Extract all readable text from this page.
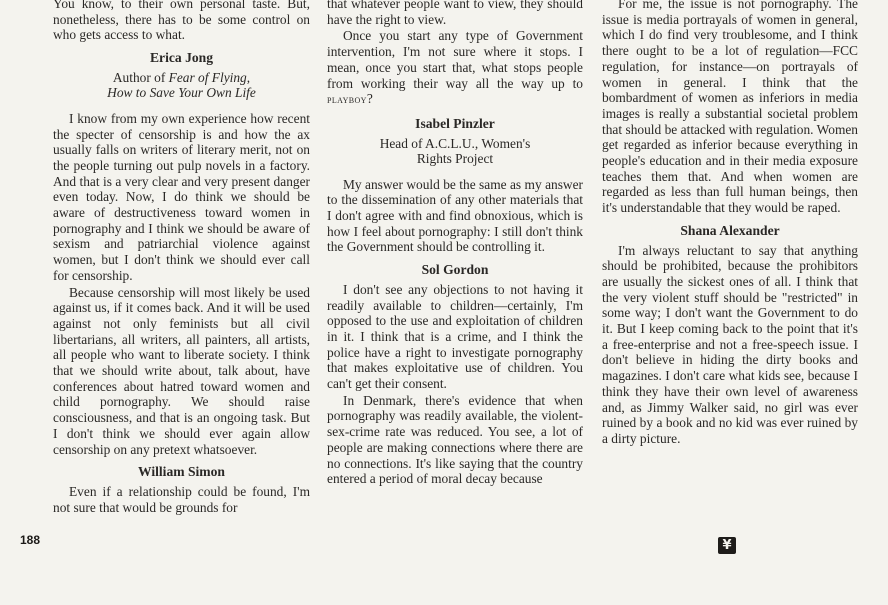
You know, to their own personal taste. But, nonetheless, there has to be some control on who gets access to what.

Erica Jong
Author of Fear of Flying,
How to Save Your Own Life

I know from my own experience how recent the specter of censorship is and how the ax usually falls on writers of literary merit, not on the people turning out pulp novels in a factory. And that is a very clear and very present danger even today. Now, I do think we should be aware of destructiveness toward women in pornography and I think we should be aware of sexism and patriarchial violence against women, but I don't think we should ever call for censorship.

Because censorship will most likely be used against us, if it comes back. And it will be used against not only feminists but all civil libertarians, all writers, all painters, all artists, all people who want to liberate society. I think that we should write about, talk about, have conferences about hatred toward women and child pornography. We should raise consciousness, and that is an ongoing task. But I don't think we should ever again allow censorship on any pretext whatsoever.

William Simon

Even if a relationship could be found, I'm not sure that would be grounds for

that whatever people want to view, they should have the right to view.

Once you start any type of Government intervention, I'm not sure where it stops. I mean, once you start that, what stops people from working their way all the way up to playboy?

Isabel Pinzler
Head of A.C.L.U., Women's Rights Project

My answer would be the same as my answer to the dissemination of any other materials that I don't agree with and find obnoxious, which is how I feel about pornography: I still don't think the Government should be controlling it.

Sol Gordon

I don't see any objections to not having it readily available to children—certainly, I'm opposed to the use and exploitation of children in it. I think that is a crime, and I think the police have a right to investigate pornography that makes exploitative use of children. You can't get their consent.

In Denmark, there's evidence that when pornography was readily available, the violent-sex-crime rate was reduced. You see, a lot of people are making connections where there are no connections. It's like saying that the country entered a period of moral decay because

For me, the issue is not pornography. The issue is media portrayals of women in general, which I do find very troublesome, and I think there ought to be a lot of regulation—FCC regulation, for instance—on portrayals of women in general. I think that the bombardment of women as inferiors in media images is really a substantial societal problem that should be attacked with regulation. Women get regarded as inferior because everything in people's education and in their media exposure teaches them that. And when women are regarded as less than full human beings, then it's understandable that they would be raped.

Shana Alexander

I'm always reluctant to say that anything should be prohibited, because the prohibitors are usually the sickest ones of all. I think that the very violent stuff should be "restricted" in some way; I don't want the Government to do it. But I keep coming back to the point that it's a free-enterprise and not a free-speech issue. I don't believe in hiding the dirty books and magazines. I don't care what kids see, because I think they have their own level of awareness and, as Jimmy Walker said, no girl was ever ruined by a book and no kid was ever ruined by a dirty picture.

188	¥
